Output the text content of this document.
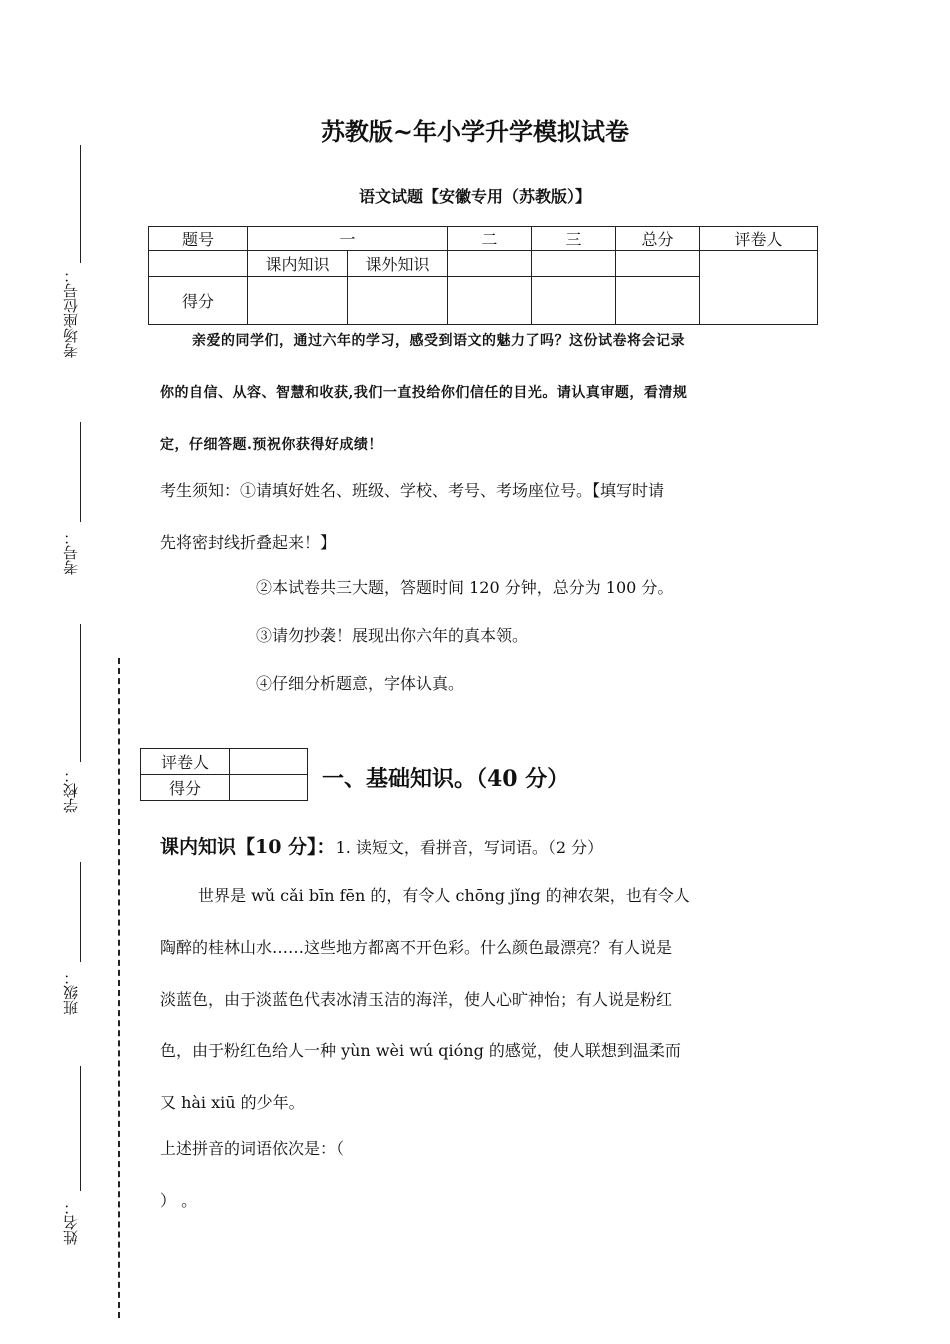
考场座位号：
考号：
学校：
班级：
姓名：
苏教版~年小学升学模拟试卷
语文试题【安徽专用（苏教版）】
题号	一		二	三	总分	评卷人
	课内知识	课外知识				
得分						
亲爱的同学们，通过六年的学习，感受到语文的魅力了吗？这份试卷将会记录
你的自信、从容、智慧和收获,我们一直投给你们信任的目光。请认真审题，看清规
定，仔细答题.预祝你获得好成绩！
考生须知：①请填好姓名、班级、学校、考号、考场座位号。【填写时请
先将密封线折叠起来！】
②本试卷共三大题，答题时间 120 分钟，总分为 100 分。
③请勿抄袭！展现出你六年的真本领。
④仔细分析题意，字体认真。
评卷人	
得分		一、基础知识。（40 分）
课内知识【10 分】：1. 读短文，看拼音，写词语。（2 分）
世界是 wǔ cǎi bīn fēn 的，有令人 chōng jǐng 的神农架，也有令人
陶醉的桂林山水……这些地方都离不开色彩。什么颜色最漂亮？有人说是
淡蓝色，由于淡蓝色代表冰清玉洁的海洋，使人心旷神怡；有人说是粉红
色，由于粉红色给人一种 yùn wèi wú qióng 的感觉，使人联想到温柔而
又 hài xiū 的少年。
上述拼音的词语依次是：（
） 。
